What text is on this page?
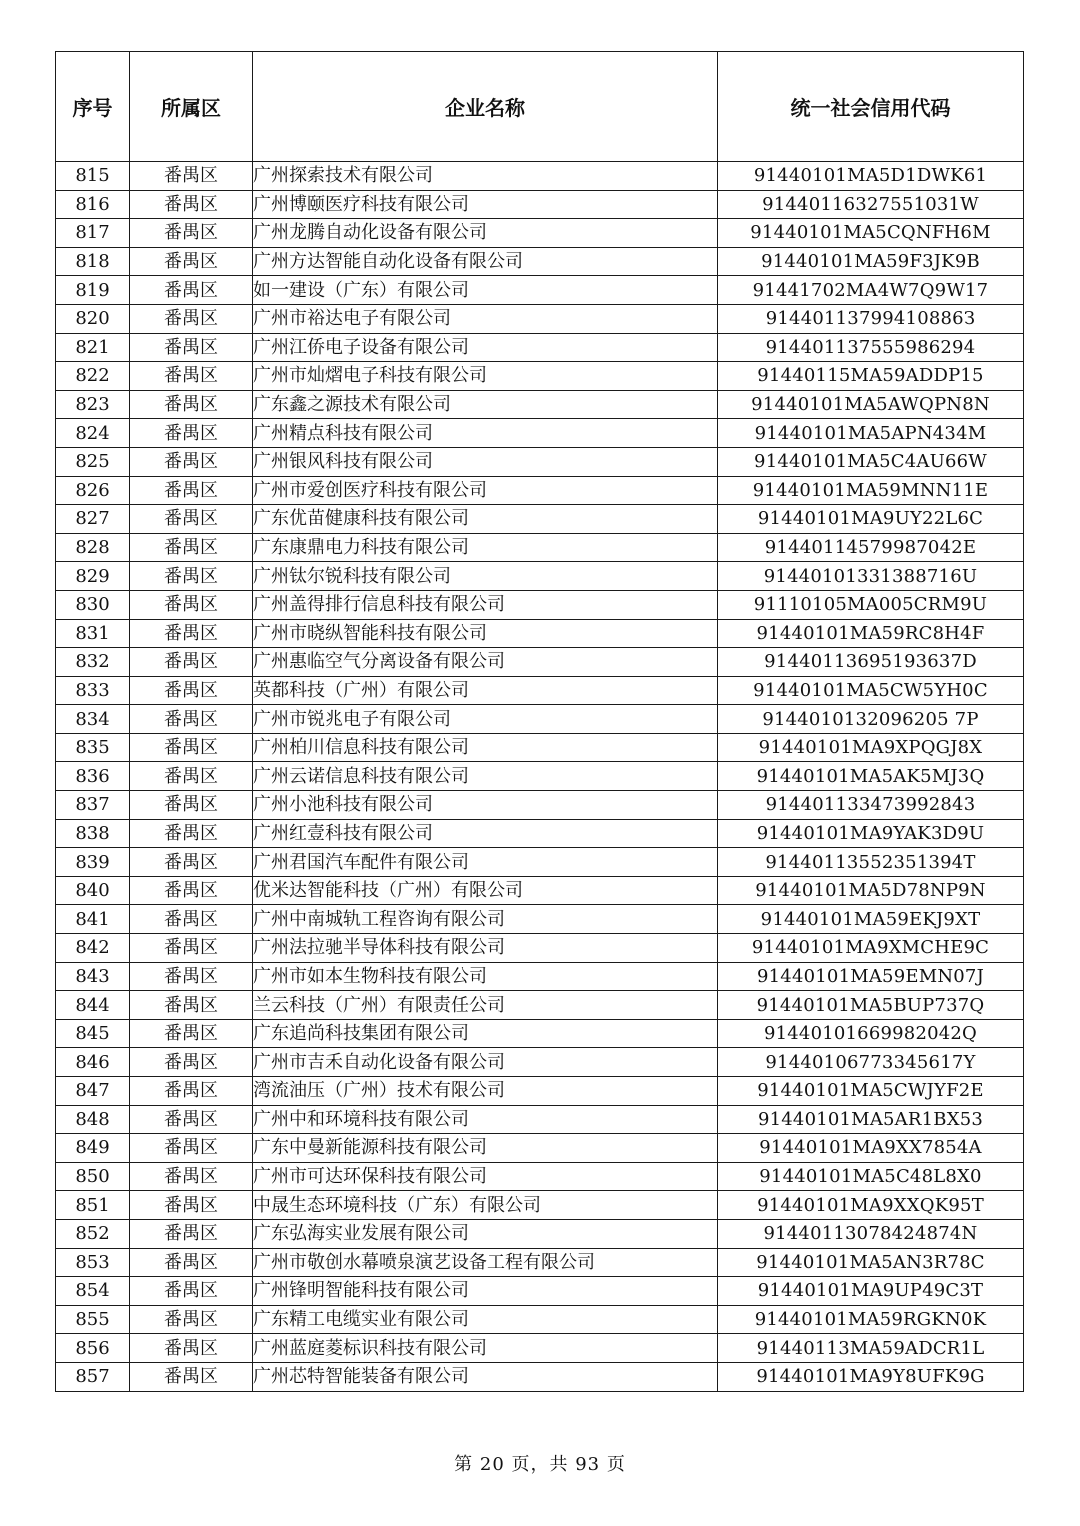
序号	所属区	企业名称	统一社会信用代码
815	番禺区	广州探索技术有限公司	91440101MA5D1DWK61
816	番禺区	广州博颐医疗科技有限公司	91440116327551031W
817	番禺区	广州龙腾自动化设备有限公司	91440101MA5CQNFH6M
818	番禺区	广州方达智能自动化设备有限公司	91440101MA59F3JK9B
819	番禺区	如一建设（广东）有限公司	91441702MA4W7Q9W17
820	番禺区	广州市裕达电子有限公司	91440113799410886З
821	番禺区	广州江侨电子设备有限公司	914401137555986294
822	番禺区	广州市灿熠电子科技有限公司	91440115MA59ADDP15
823	番禺区	广东鑫之源技术有限公司	91440101MA5AWQPN8N
824	番禺区	广州精点科技有限公司	91440101MA5APN434M
825	番禺区	广州银风科技有限公司	91440101MA5C4AU66W
826	番禺区	广州市爱创医疗科技有限公司	91440101MA59MNN11E
827	番禺区	广东优苗健康科技有限公司	91440101MA9UY22L6C
828	番禺区	广东康鼎电力科技有限公司	91440114579987042E
829	番禺区	广州钛尔锐科技有限公司	91440101331388716U
830	番禺区	广州盖得排行信息科技有限公司	91110105MA005CRM9U
831	番禺区	广州市晓纵智能科技有限公司	91440101MA59RC8H4F
832	番禺区	广州惠临空气分离设备有限公司	91440113695193637D
833	番禺区	英都科技（广州）有限公司	91440101MA5CW5YH0C
834	番禺区	广州市锐兆电子有限公司	9144010132096205 7P
835	番禺区	广州柏川信息科技有限公司	91440101MA9XPQGJ8X
836	番禺区	广州云诺信息科技有限公司	91440101MA5AK5MJ3Q
837	番禺区	广州小池科技有限公司	914401133473992843
838	番禺区	广州红壹科技有限公司	91440101MA9YAK3D9U
839	番禺区	广州君国汽车配件有限公司	91440113552351394T
840	番禺区	优米达智能科技（广州）有限公司	91440101MA5D78NP9N
841	番禺区	广州中南城轨工程咨询有限公司	91440101MA59EKJ9XT
842	番禺区	广州法拉驰半导体科技有限公司	91440101MA9XMCHE9C
843	番禺区	广州市如本生物科技有限公司	91440101MA59EMN07J
844	番禺区	兰云科技（广州）有限责任公司	91440101MA5BUP737Q
845	番禺区	广东追尚科技集团有限公司	91440101669982042Q
846	番禺区	广州市吉禾自动化设备有限公司	91440106773345617Y
847	番禺区	湾流油压（广州）技术有限公司	91440101MA5CWJYF2E
848	番禺区	广州中和环境科技有限公司	91440101MA5AR1BX53
849	番禺区	广东中曼新能源科技有限公司	91440101MA9XX7854A
850	番禺区	广州市可达环保科技有限公司	91440101MA5C48L8X0
851	番禺区	中晟生态环境科技（广东）有限公司	91440101MA9XXQK95T
852	番禺区	广东弘海实业发展有限公司	91440113078424874N
853	番禺区	广州市敬创水幕喷泉演艺设备工程有限公司	91440101MA5AN3R78C
854	番禺区	广州锋明智能科技有限公司	91440101MA9UP49C3T
855	番禺区	广东精工电缆实业有限公司	91440101MA59RGKN0K
856	番禺区	广州蓝庭菱标识科技有限公司	91440113MA59ADCR1L
857	番禺区	广州芯特智能装备有限公司	91440101MA9Y8UFK9G
第 20 页，共 93 页
